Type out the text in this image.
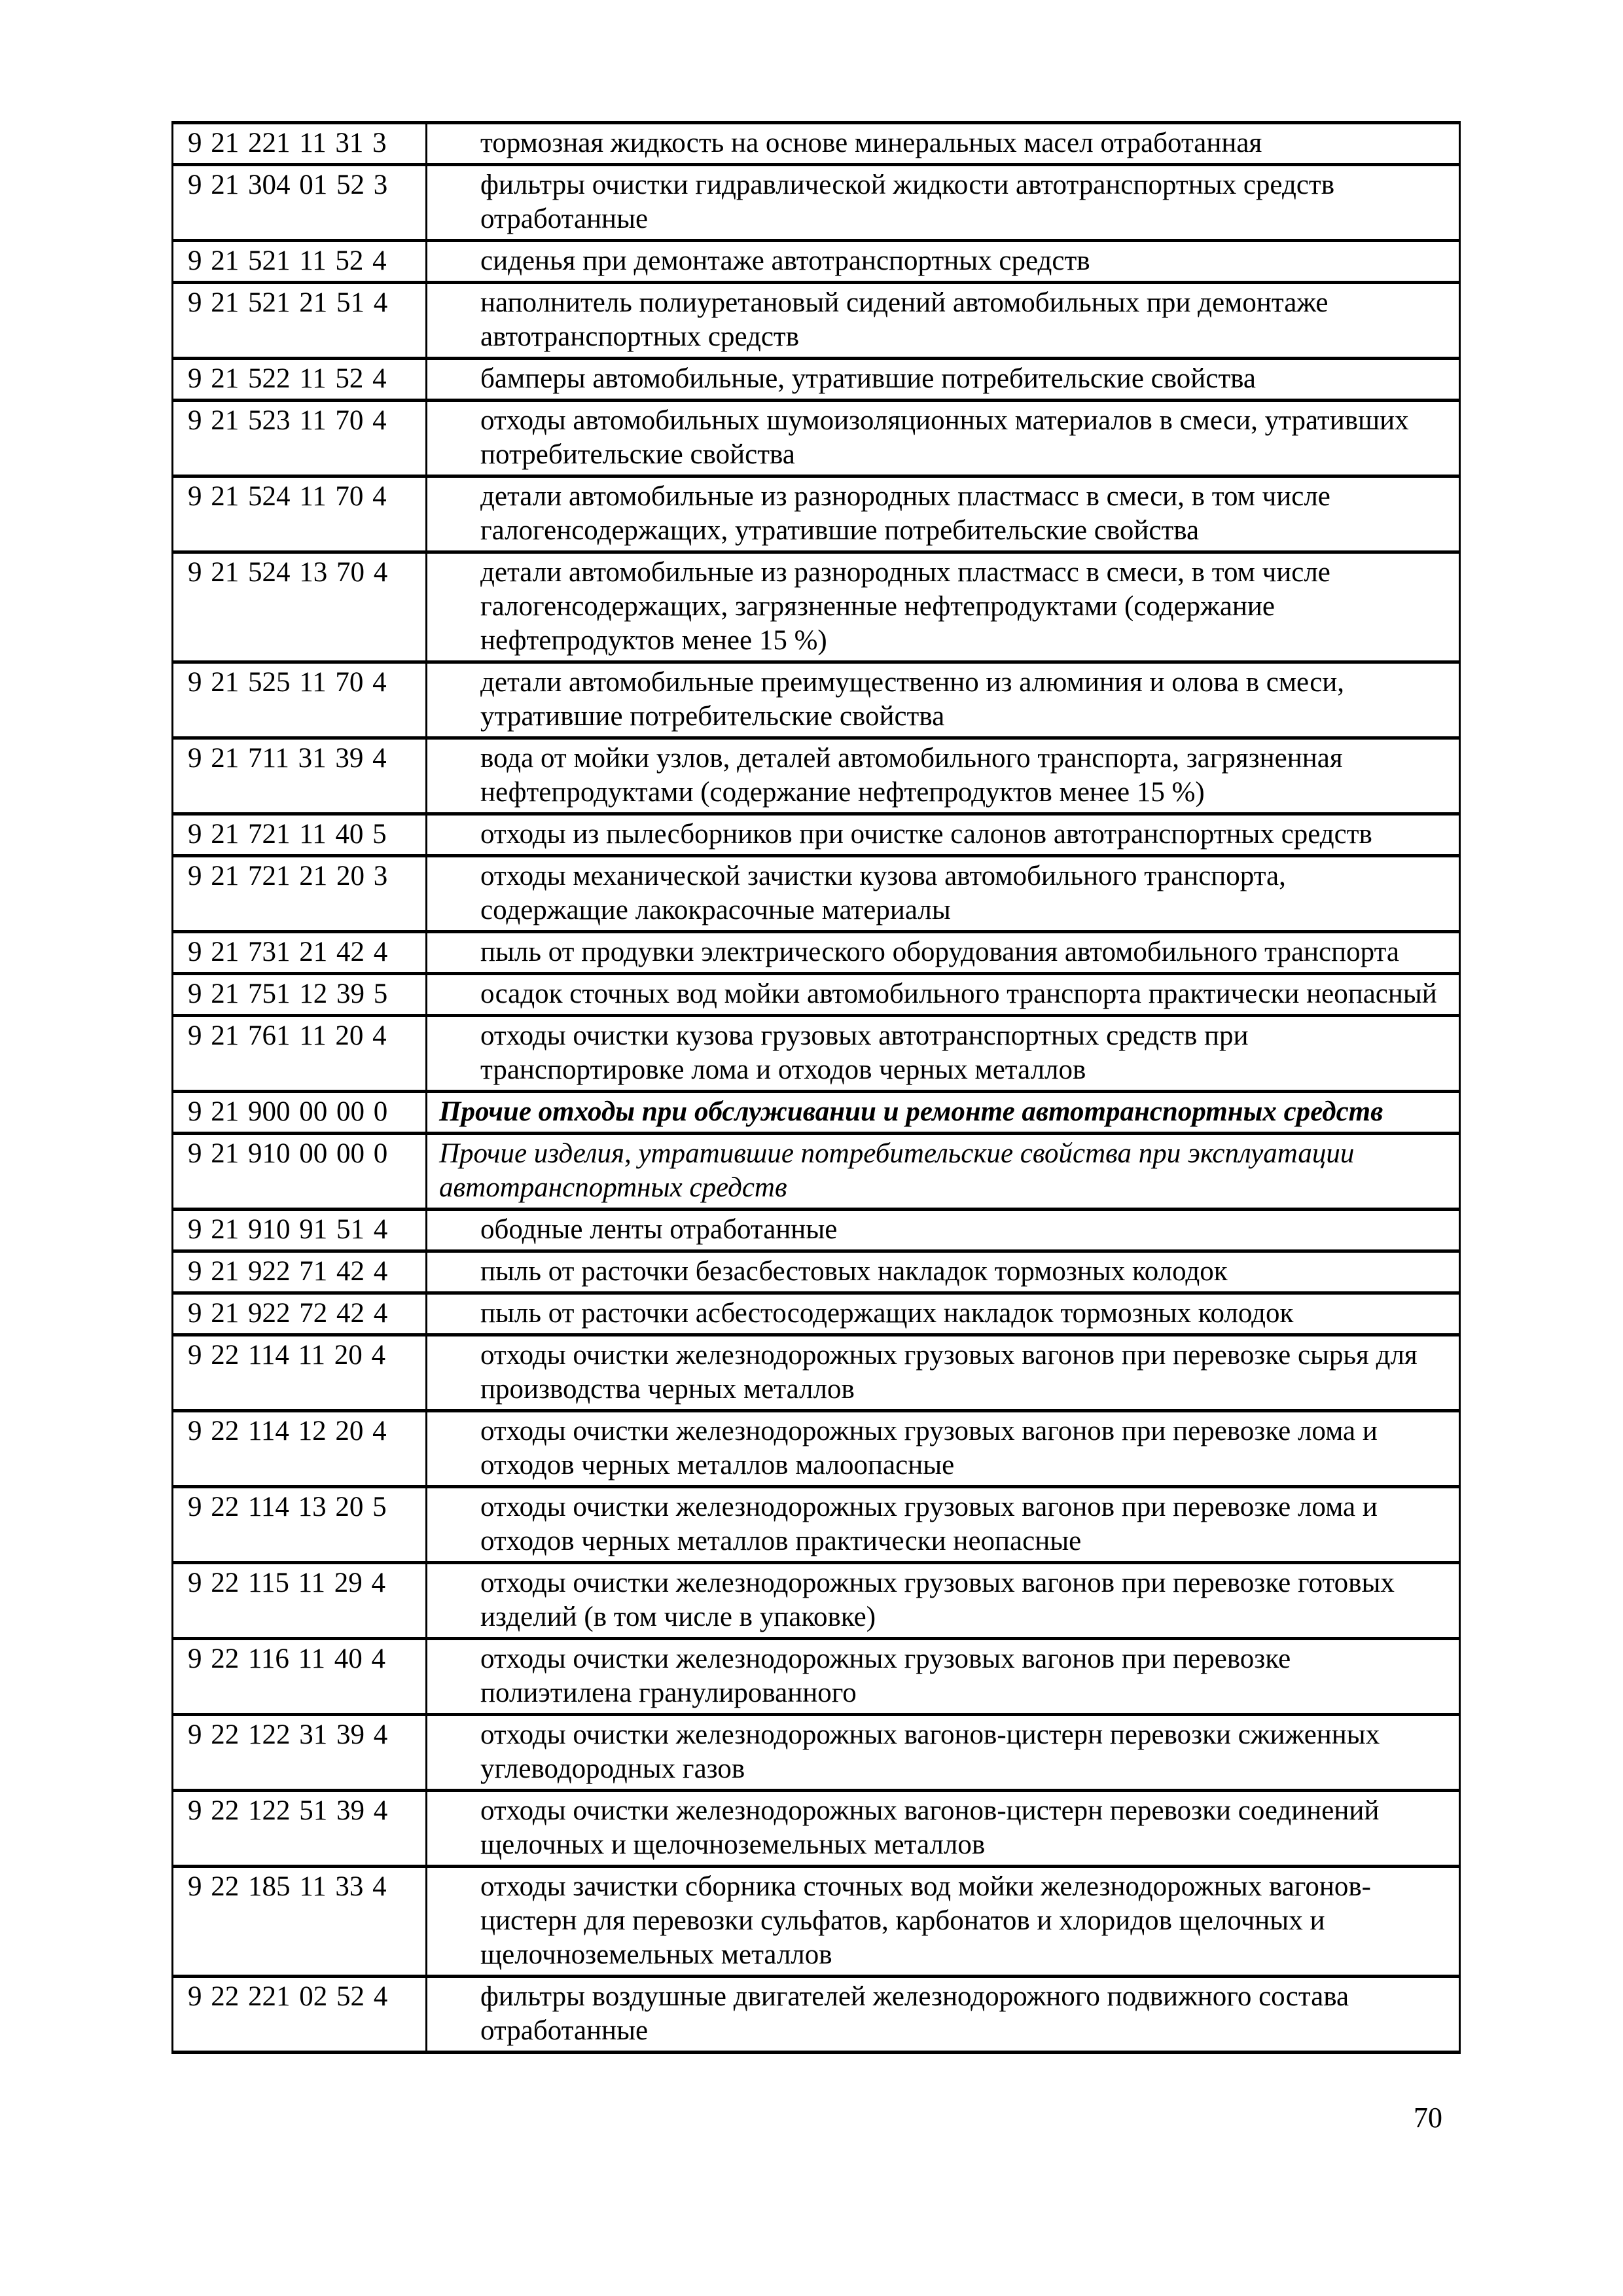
9 21 221 11 31 3	тормозная жидкость на основе минеральных масел отработанная
9 21 304 01 52 3	фильтры очистки гидравлической жидкости автотранспортных средств отработанные
9 21 521 11 52 4	сиденья при демонтаже автотранспортных средств
9 21 521 21 51 4	наполнитель полиуретановый сидений автомобильных при демонтаже автотранспортных средств
9 21 522 11 52 4	бамперы автомобильные, утратившие потребительские свойства
9 21 523 11 70 4	отходы автомобильных шумоизоляционных материалов в смеси, утративших потребительские свойства
9 21 524 11 70 4	детали автомобильные из разнородных пластмасс в смеси, в том числе галогенсодержащих, утратившие потребительские свойства
9 21 524 13 70 4	детали автомобильные из разнородных пластмасс в смеси, в том числе галогенсодержащих, загрязненные нефтепродуктами (содержание нефтепродуктов менее 15 %)
9 21 525 11 70 4	детали автомобильные преимущественно из алюминия и олова в смеси, утратившие потребительские свойства
9 21 711 31 39 4	вода от мойки узлов, деталей автомобильного транспорта, загрязненная нефтепродуктами (содержание нефтепродуктов менее 15 %)
9 21 721 11 40 5	отходы из пылесборников при очистке салонов автотранспортных средств
9 21 721 21 20 3	отходы механической зачистки кузова автомобильного транспорта, содержащие лакокрасочные материалы
9 21 731 21 42 4	пыль от продувки электрического оборудования автомобильного транспорта
9 21 751 12 39 5	осадок сточных вод мойки автомобильного транспорта практически неопасный
9 21 761 11 20 4	отходы очистки кузова грузовых автотранспортных средств при транспортировке лома и отходов черных металлов
9 21 900 00 00 0	Прочие отходы при обслуживании и ремонте автотранспортных средств
9 21 910 00 00 0	Прочие изделия, утратившие потребительские свойства при эксплуатации автотранспортных средств
9 21 910 91 51 4	ободные ленты отработанные
9 21 922 71 42 4	пыль от расточки безасбестовых накладок тормозных колодок
9 21 922 72 42 4	пыль от расточки асбестосодержащих накладок тормозных колодок
9 22 114 11 20 4	отходы очистки железнодорожных грузовых вагонов при перевозке сырья для производства черных металлов
9 22 114 12 20 4	отходы очистки железнодорожных грузовых вагонов при перевозке лома и отходов черных металлов малоопасные
9 22 114 13 20 5	отходы очистки железнодорожных грузовых вагонов при перевозке лома и отходов черных металлов практически неопасные
9 22 115 11 29 4	отходы очистки железнодорожных грузовых вагонов при перевозке готовых изделий (в том числе в упаковке)
9 22 116 11 40 4	отходы очистки железнодорожных грузовых вагонов при перевозке полиэтилена гранулированного
9 22 122 31 39 4	отходы очистки железнодорожных вагонов-цистерн перевозки сжиженных углеводородных газов
9 22 122 51 39 4	отходы очистки железнодорожных вагонов-цистерн перевозки соединений щелочных и щелочноземельных металлов
9 22 185 11 33 4	отходы зачистки сборника сточных вод мойки железнодорожных вагонов-цистерн для перевозки сульфатов, карбонатов и хлоридов щелочных и щелочноземельных металлов
9 22 221 02 52 4	фильтры воздушные двигателей железнодорожного подвижного состава отработанные
70
